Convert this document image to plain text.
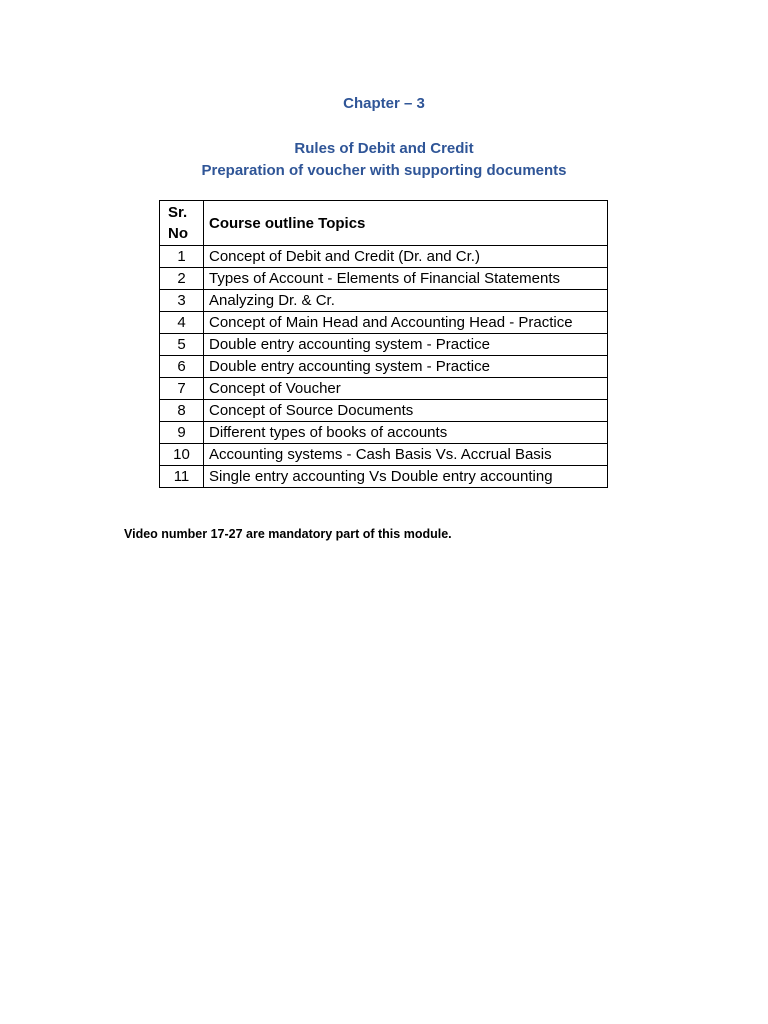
Chapter – 3
Rules of Debit and Credit
Preparation of voucher with supporting documents
Sr.
No	Course outline Topics
1	Concept of Debit and Credit (Dr. and Cr.)
2	Types of Account - Elements of Financial Statements
3	Analyzing Dr. & Cr.
4	Concept of Main Head and Accounting Head - Practice
5	Double entry accounting system - Practice
6	Double entry accounting system - Practice
7	Concept of Voucher
8	Concept of Source Documents
9	Different types of books of accounts
10	Accounting systems - Cash Basis Vs. Accrual Basis
11	Single entry accounting Vs Double entry accounting
Video number 17-27 are mandatory part of this module.
